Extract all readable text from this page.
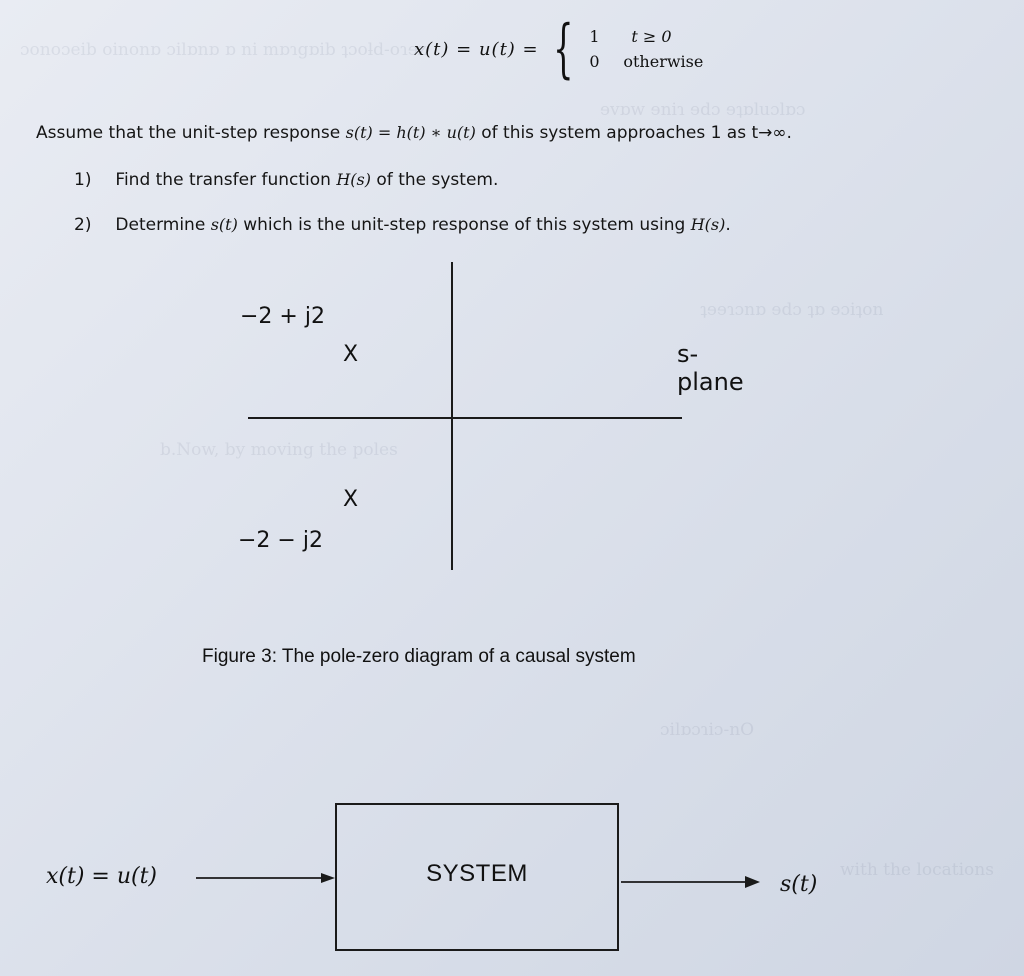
ɔonoɔeib oinonɒ ɔilɒnɒ ɒ ni mɒɿgɒib ʇɔoƚd-oɿɘz
ɘvɒw ɘniɿ ɘdɔ ɘʇɒluɔlɒɔ
ʇɘɘɿɔnɒ ɘdɔ ʇɒ ɘɔiʇon
b.Now, by moving the poles
ɔilɒɔɿiɔ-nO
with the locations
x(t) = u(t) = { 1	t ≥ 0
0	otherwise
Assume that the unit-step response s(t) = h(t) ∗ u(t) of this system approaches 1 as t→∞.
1) Find the transfer function H(s) of the system.
2) Determine s(t) which is the unit-step response of this system using H(s).
−2 + j2
X
X
−2 − j2
s-plane
Figure 3: The pole-zero diagram of a causal system
x(t) = u(t)	SYSTEM	s(t)
